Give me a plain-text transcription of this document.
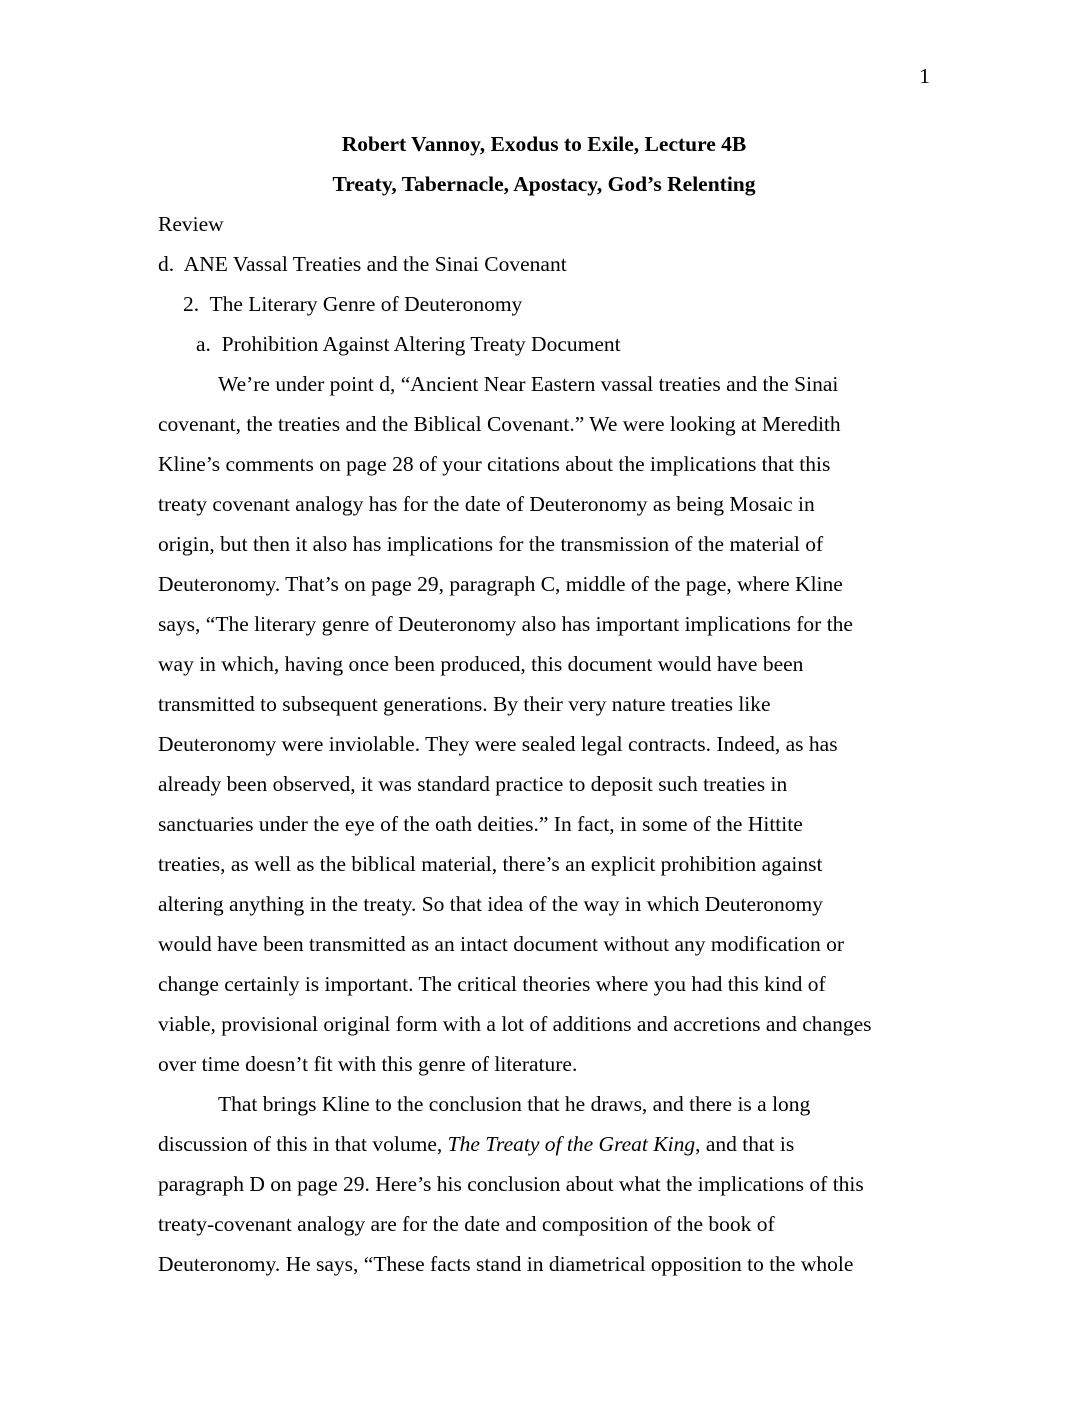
1
Robert Vannoy, Exodus to Exile, Lecture 4B
Treaty, Tabernacle, Apostacy, God’s Relenting
Review
d.  ANE Vassal Treaties and the Sinai Covenant
2.  The Literary Genre of Deuteronomy
a.  Prohibition Against Altering Treaty Document
We’re under point d, “Ancient Near Eastern vassal treaties and the Sinai
covenant, the treaties and the Biblical Covenant.” We were looking at Meredith
Kline’s comments on page 28 of your citations about the implications that this
treaty covenant analogy has for the date of Deuteronomy as being Mosaic in
origin, but then it also has implications for the transmission of the material of
Deuteronomy. That’s on page 29, paragraph C, middle of the page, where Kline
says, “The literary genre of Deuteronomy also has important implications for the
way in which, having once been produced, this document would have been
transmitted to subsequent generations. By their very nature treaties like
Deuteronomy were inviolable. They were sealed legal contracts. Indeed, as has
already been observed, it was standard practice to deposit such treaties in
sanctuaries under the eye of the oath deities.” In fact, in some of the Hittite
treaties, as well as the biblical material, there’s an explicit prohibition against
altering anything in the treaty. So that idea of the way in which Deuteronomy
would have been transmitted as an intact document without any modification or
change certainly is important. The critical theories where you had this kind of
viable, provisional original form with a lot of additions and accretions and changes
over time doesn’t fit with this genre of literature.
That brings Kline to the conclusion that he draws, and there is a long
discussion of this in that volume, The Treaty of the Great King, and that is
paragraph D on page 29. Here’s his conclusion about what the implications of this
treaty-covenant analogy are for the date and composition of the book of
Deuteronomy. He says, “These facts stand in diametrical opposition to the whole
